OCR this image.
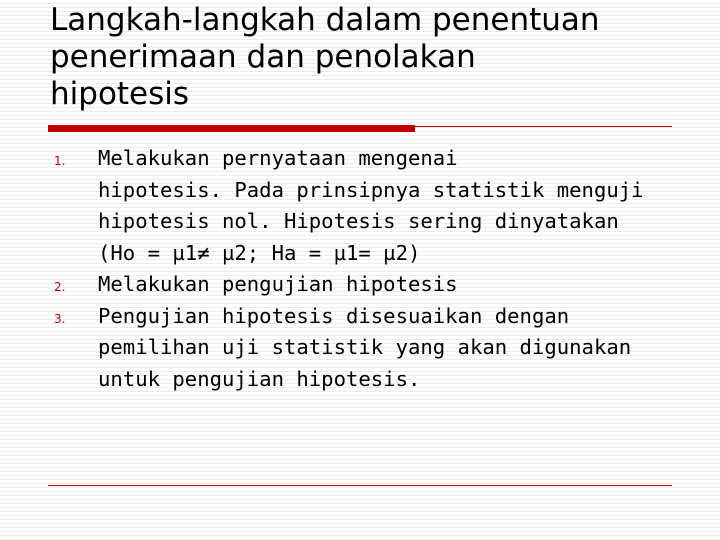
Langkah-langkah dalam penentuan
penerimaan dan penolakan
hipotesis
1. Melakukan pernyataan mengenai
hipotesis. Pada prinsipnya statistik menguji
hipotesis nol. Hipotesis sering dinyatakan
(Ho = µ1≠ µ2; Ha = µ1= µ2)
2. Melakukan pengujian hipotesis
3. Pengujian hipotesis disesuaikan dengan
pemilihan uji statistik yang akan digunakan
untuk pengujian hipotesis.
